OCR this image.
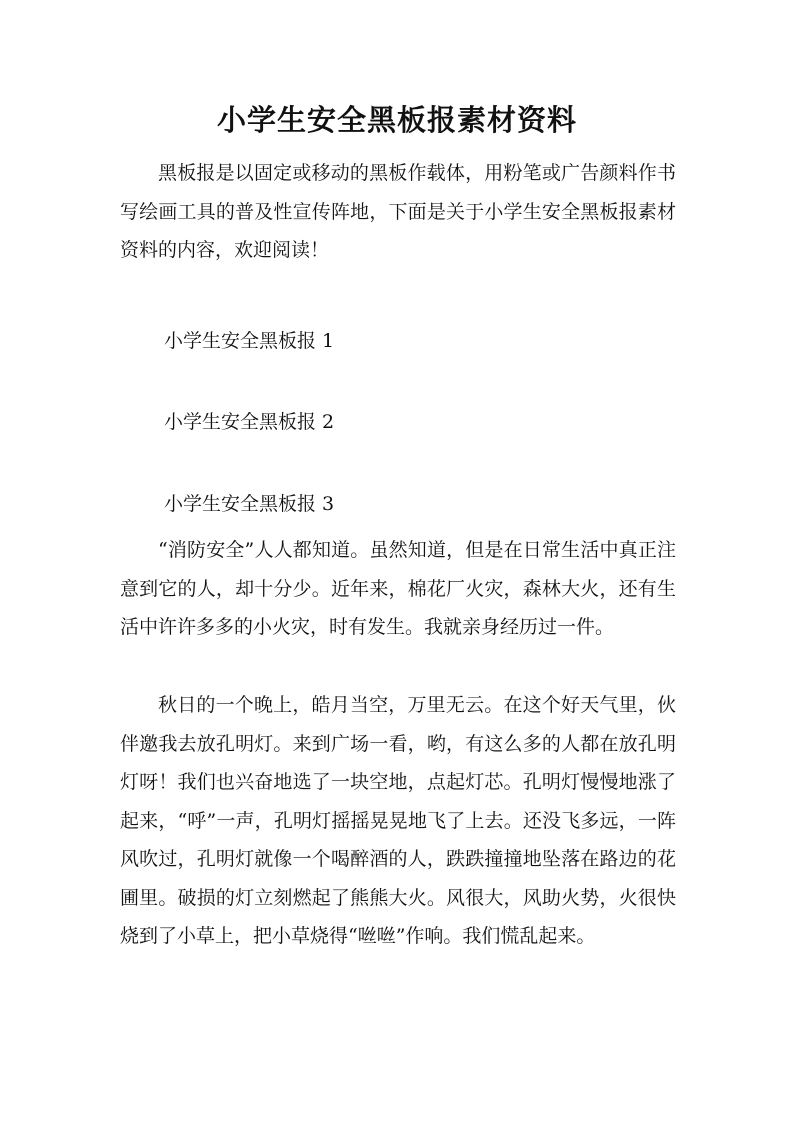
小学生安全黑板报素材资料

黑板报是以固定或移动的黑板作载体，用粉笔或广告颜料作书写绘画工具的普及性宣传阵地，下面是关于小学生安全黑板报素材资料的内容，欢迎阅读！

小学生安全黑板报 1

小学生安全黑板报 2

小学生安全黑板报 3

“消防安全”人人都知道。虽然知道，但是在日常生活中真正注意到它的人，却十分少。近年来，棉花厂火灾，森林大火，还有生活中许许多多的小火灾，时有发生。我就亲身经历过一件。

秋日的一个晚上，皓月当空，万里无云。在这个好天气里，伙伴邀我去放孔明灯。来到广场一看，哟，有这么多的人都在放孔明灯呀！我们也兴奋地选了一块空地，点起灯芯。孔明灯慢慢地涨了起来，“呼”一声，孔明灯摇摇晃晃地飞了上去。还没飞多远，一阵风吹过，孔明灯就像一个喝醉酒的人，跌跌撞撞地坠落在路边的花圃里。破损的灯立刻燃起了熊熊大火。风很大，风助火势，火很快烧到了小草上，把小草烧得“咝咝”作响。我们慌乱起来。
